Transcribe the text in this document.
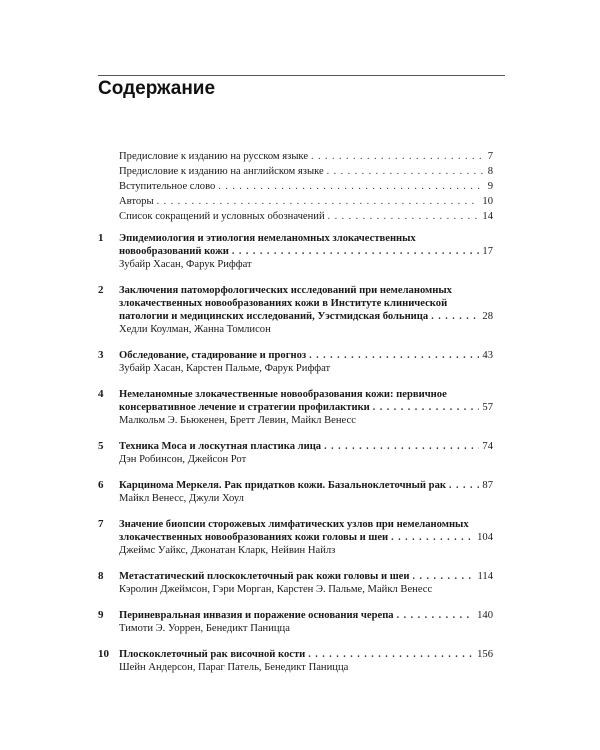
Содержание
Предисловие к изданию на русском языке . . .	7
Предисловие к изданию на английском языке . . .	8
Вступительное слово . . .	9
Авторы . . .	10
Список сокращений и условных обозначений . . .	14
1 Эпидемиология и этиология немеланомных злокачественных
новообразований кожи . . .	17
Зубайр Хасан, Фарук Риффат
2 Заключения патоморфологических исследований при немеланомных
злокачественных новообразованиях кожи в Институте клинической
патологии и медицинских исследований, Уэстмидская больница . . .	28
Хедли Коулман, Жанна Томлисон
3 Обследование, стадирование и прогноз . . .	43
Зубайр Хасан, Карстен Пальме, Фарук Риффат
4 Немеланомные злокачественные новообразования кожи: первичное
консервативное лечение и стратегии профилактики . . .	57
Малкольм Э. Бьюкенен, Бретт Левин, Майкл Венесс
5 Техника Моса и лоскутная пластика лица . . .	74
Дэн Робинсон, Джейсон Рот
6 Карцинома Меркеля. Рак придатков кожи. Базальноклеточный рак . . .	87
Майкл Венесс, Джули Хоул
7 Значение биопсии сторожевых лимфатических узлов при немеланомных
злокачественных новообразованиях кожи головы и шеи . . .	104
Джеймс Уайкс, Джонатан Кларк, Нейвин Найлз
8 Метастатический плоскоклеточный рак кожи головы и шеи . . .	114
Кэролин Джеймсон, Гэри Морган, Карстен Э. Пальме, Майкл Венесс
9 Периневральная инвазия и поражение основания черепа . . .	140
Тимоти Э. Уоррен, Бенедикт Паницца
10 Плоскоклеточный рак височной кости . . .	156
Шейн Андерсон, Параг Патель, Бенедикт Паницца
